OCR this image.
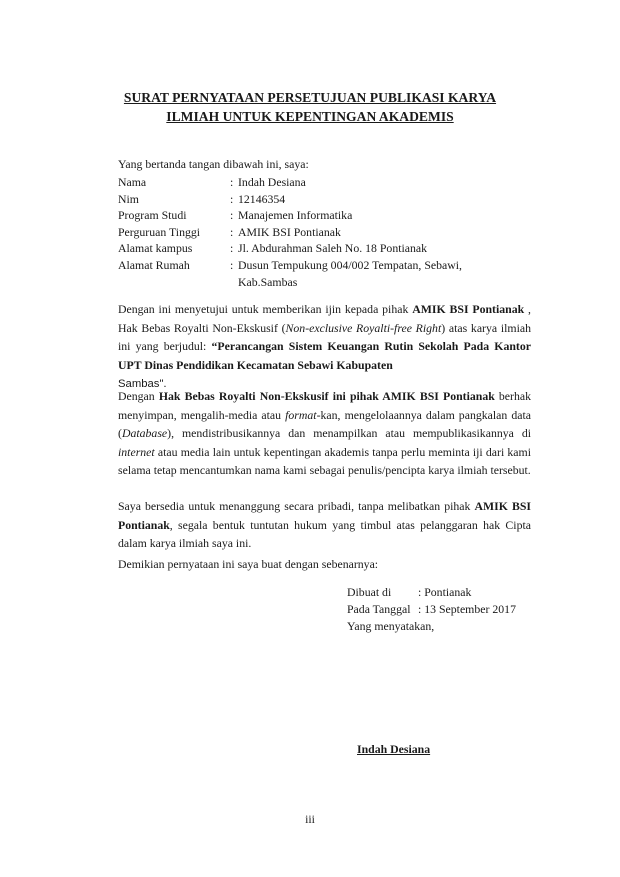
SURAT PERNYATAAN PERSETUJUAN PUBLIKASI KARYA
ILMIAH UNTUK KEPENTINGAN AKADEMIS
Yang bertanda tangan dibawah ini, saya:
Nama	: Indah Desiana
Nim	: 12146354
Program Studi	: Manajemen Informatika
Perguruan Tinggi	: AMIK BSI Pontianak
Alamat kampus	: Jl. Abdurahman Saleh No. 18 Pontianak
Alamat Rumah	: Dusun Tempukung 004/002 Tempatan, Sebawi,
Kab.Sambas
Dengan ini menyetujui untuk memberikan ijin kepada pihak AMIK BSI Pontianak , Hak Bebas Royalti Non-Ekskusif (Non-exclusive Royalti-free Right) atas karya ilmiah ini yang berjudul: “Perancangan Sistem Keuangan Rutin Sekolah Pada Kantor UPT Dinas Pendidikan Kecamatan Sebawi Kabupaten
Sambas".
Dengan Hak Bebas Royalti Non-Ekskusif ini pihak AMIK BSI Pontianak berhak menyimpan, mengalih-media atau format-kan, mengelolaannya dalam pangkalan data (Database), mendistribusikannya dan menampilkan atau mempublikasikannya di internet atau media lain untuk kepentingan akademis tanpa perlu meminta iji dari kami selama tetap mencantumkan nama kami sebagai penulis/pencipta karya ilmiah tersebut.
Saya bersedia untuk menanggung secara pribadi, tanpa melibatkan pihak AMIK BSI Pontianak, segala bentuk tuntutan hukum yang timbul atas pelanggaran hak Cipta dalam karya ilmiah saya ini.
Demikian pernyataan ini saya buat dengan sebenarnya:
Dibuat di	: Pontianak
Pada Tanggal : 13 September 2017
Yang menyatakan,
Indah Desiana
iii
